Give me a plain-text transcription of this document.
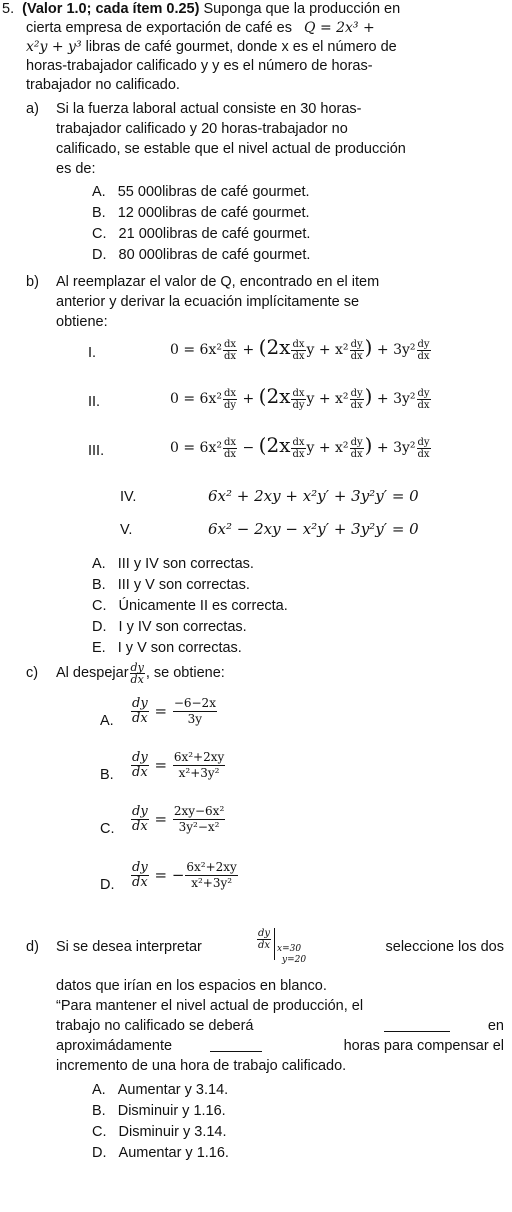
5. (Valor 1.0; cada ítem 0.25) Suponga que la producción en
cierta empresa de exportación de café es Q = 2x³ +
x²y + y³ libras de café gourmet, donde x es el número de
horas-trabajador calificado y y es el número de horas-
trabajador no calificado.
a) Si la fuerza laboral actual consiste en 30 horas-
trabajador calificado y 20 horas-trabajador no
calificado, se estable que el nivel actual de producción
es de:
A. 55 000libras de café gourmet.
B. 12 000libras de café gourmet.
C. 21 000libras de café gourmet.
D. 80 000libras de café gourmet.
b) Al reemplazar el valor de Q, encontrado en el item
anterior y derivar la ecuación implícitamente se
obtiene:
I.	$0 = 6x^2 \frac{dx}{dx} + (2x \frac{dx}{dx}$ $y + x^2 \frac{dy}{dx}$ ) + $3y^2 \frac{dy}{dx}$
II.	$0 = 6x^2 \frac{dx}{dy} + (2x \frac{dx}{dy}$ $y + x^2 \frac{dy}{dx}$ ) + $3y^2 \frac{dy}{dx}$
III.	$0 = 6x^2 \frac{dx}{dx} - (2x \frac{dx}{dx}$ $y + x^2 \frac{dy}{dx}$ ) + $3y^2 \frac{dy}{dx}$
IV.	6x² + 2xy + x²y′ + 3y²y′ = 0
V.	6x² − 2xy − x²y′ + 3y²y′ = 0
A. III y IV son correctas.
B. III y V son correctas.
C. Únicamente II es correcta.
D. I y IV son correctas.
E. I y V son correctas.
c) Al despejar $\frac{dy}{dx}$ , se obtiene:
A. $\frac{dy}{dx} = \frac{-6-2x}{3y}$
B. $\frac{dy}{dx} = \frac{\text{6x²+2xy}}{\text{x²+3y²}}$
C. $\frac{dy}{dx} = \frac{\text{2xy−6x²}}{\text{3y²−x²}}$
D. $\frac{dy}{dx}$ = − $\frac{\text{6x²+2xy}}{\text{x²+3y²}}$
d) Si se desea interpretar	$\frac{dy}{dx} x=30$
y=20
seleccione los dos
datos que irían en los espacios en blanco.
“Para mantener el nivel actual de producción, el
trabajo no calificado se deberá	en
aproximádamente	horas para compensar el
incremento de una hora de trabajo calificado.
A. Aumentar y 3.14.
B. Disminuir y 1.16.
C. Disminuir y 3.14.
D. Aumentar y 1.16.
